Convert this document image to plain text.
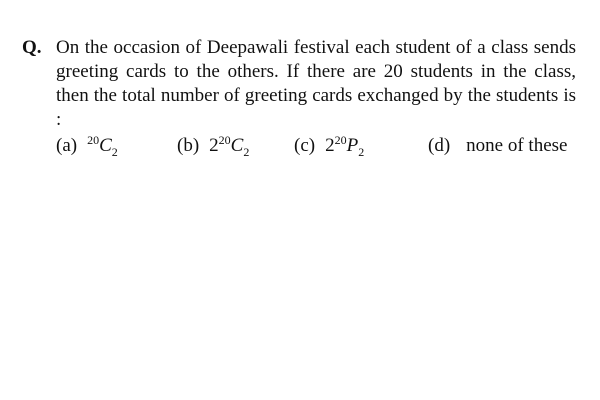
Q. On the occasion of Deepawali festival each student of a class sends greeting cards to the others. If there are 20 students in the class, then the total number of greeting cards exchanged by the students is :
(a) $^{20}C_2$	(b) $2^{20}C_2$ (c) $2^{20}P_2$	(d) none of these
